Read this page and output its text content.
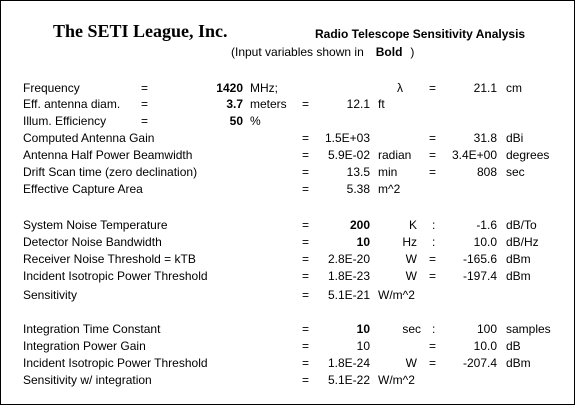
The SETI League, Inc.	Radio Telescope Sensitivity Analysis
(Input variables shown in Bold )
Frequency	=	1420 MHz;	λ =	21.1 cm
Eff. antenna diam. =	3.7 meters =	12.1 ft
Illum. Efficiency	=	50 %
Computed Antenna Gain	=	1.5E+03	=	31.8 dBi
Antenna Half Power Beamwidth	=	5.9E-02 radian =	3.4E+00 degrees
Drift Scan time (zero declination)	=	13.5 min	=	808 sec
Effective Capture Area	=	5.38 m^2
System Noise Temperature	=	200	K :	-1.6 dB/To
Detector Noise Bandwidth	=	10	Hz :	10.0 dB/Hz
Receiver Noise Threshold = kTB	=	2.8E-20	W =	-165.6 dBm
Incident Isotropic Power Threshold	=	1.8E-23	W =	-197.4 dBm
Sensitivity	=	5.1E-21 W/m^2
Integration Time Constant	=	10	sec :	100 samples
Integration Power Gain	=	10	=	10.0 dB
Incident Isotropic Power Threshold	=	1.8E-24	W =	-207.4 dBm
Sensitivity w/ integration	=	5.1E-22 W/m^2
